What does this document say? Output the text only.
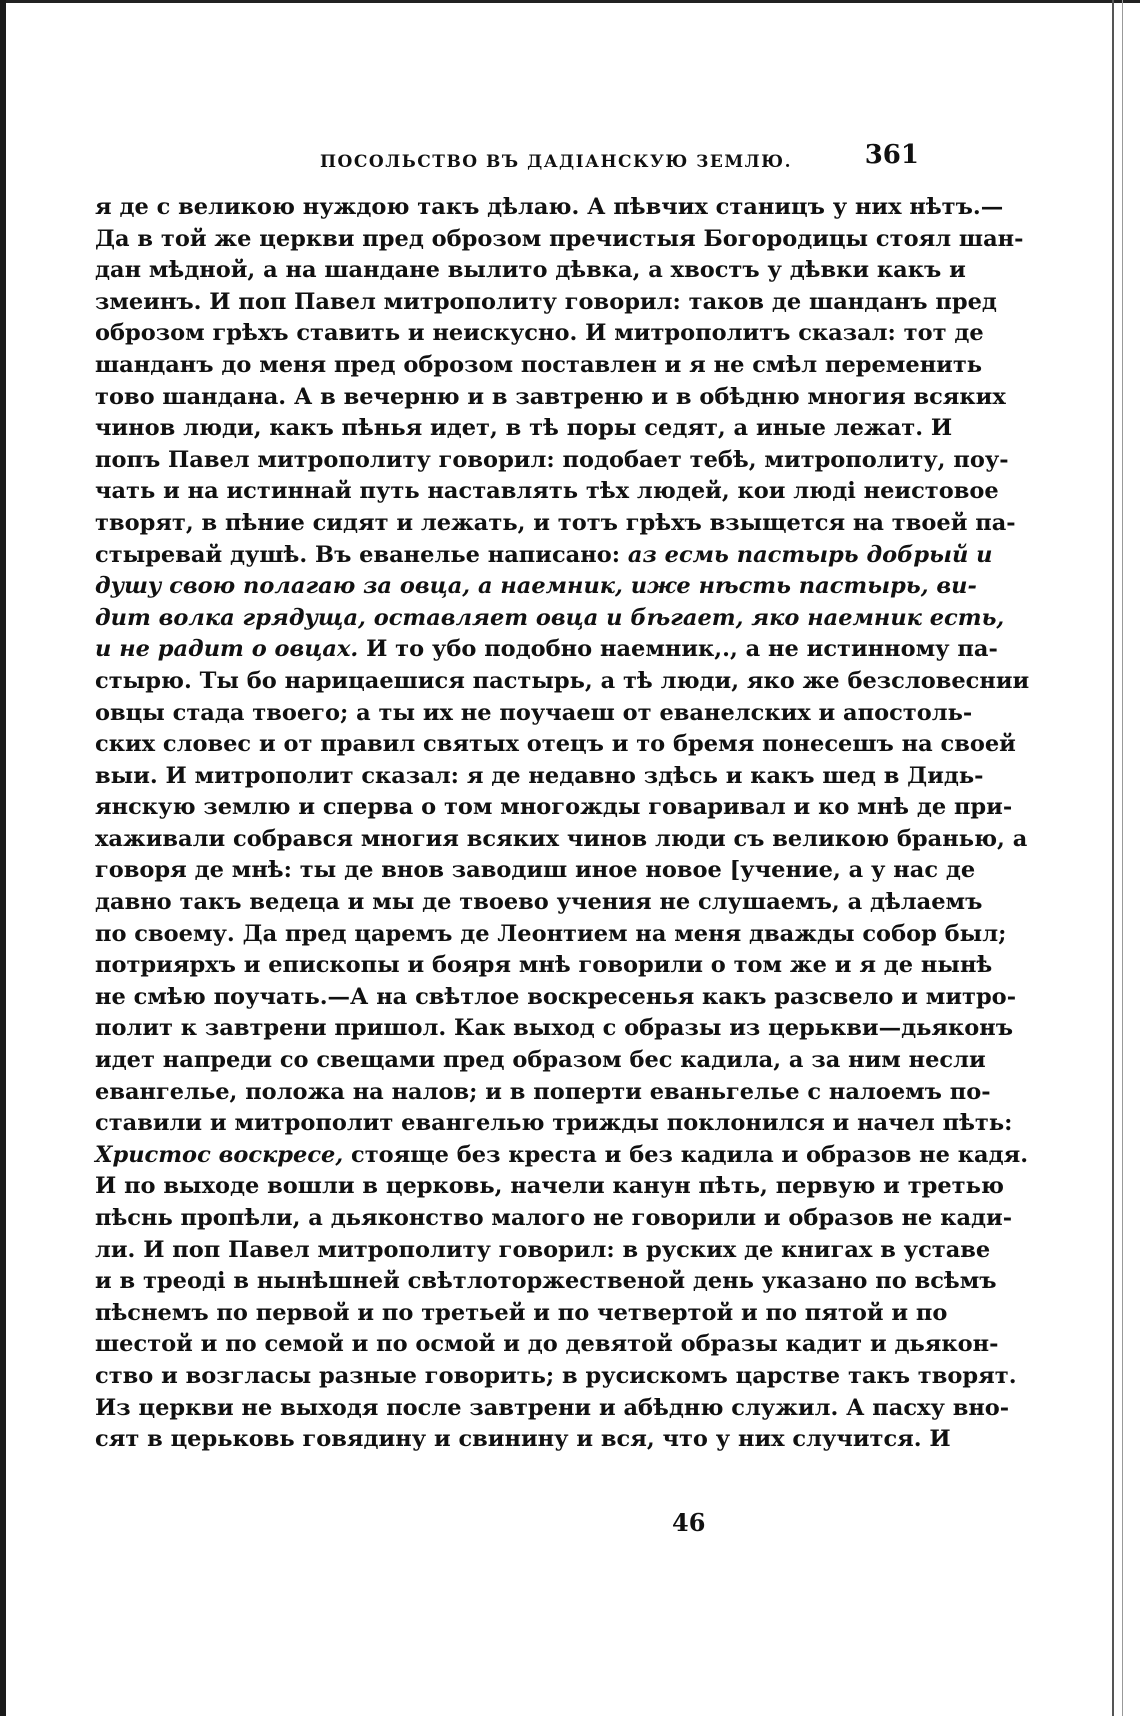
ПОСОЛЬСТВО ВЪ ДАДІАНСКУЮ ЗЕМЛЮ.	361
я де с великою нуждою такъ дѣлаю. А пѣвчих станицъ у них нѣтъ.—
Да в той же церкви пред оброзом пречистыя Богородицы стоял шан-
дан мѣдной, а на шандане вылито дѣвка, а хвостъ у дѣвки какъ и
змеинъ. И поп Павел митрополиту говорил: таков де шанданъ пред
оброзом грѣхъ ставить и неискусно. И митрополитъ сказал: тот де
шанданъ до меня пред оброзом поставлен и я не смѣл переменить
тово шандана. А в вечерню и в завтреню и в обѣдню многия всяких
чинов люди, какъ пѣнья идет, в тѣ поры седят, а иные лежат. И
попъ Павел митрополиту говорил: подобает тебѣ, митрополиту, поу-
чать и на истиннай путь наставлять тѣх людей, кои люді неистовое
творят, в пѣние сидят и лежать, и тотъ грѣхъ взыщется на твоей па-
стыревай душѣ. Въ еванелье написано: аз есмь пастырь добрый и
душу свою полагаю за овца, а наемник, иже нѣсть пастырь, ви-
дит волка грядуща, оставляет овца и бѣгает, яко наемник есть,
и не радит о овцах. И то убо подобно наемник,., а не истинному па-
стырю. Ты бо нарицаешися пастырь, а тѣ люди, яко же безсловеснии
овцы стада твоего; а ты их не поучаеш от еванелских и апостоль-
ских словес и от правил святых отецъ и то бремя понесешъ на своей
выи. И митрополит сказал: я де недавно здѣсь и какъ шед в Дидь-
янскую землю и сперва о том многожды говаривал и ко мнѣ де при-
хаживали собрався многия всяких чинов люди съ великою бранью, а
говоря де мнѣ: ты де внов заводиш иное новое [учение, а у нас де
давно такъ ведеца и мы де твоево учения не слушаемъ, а дѣлаемъ
по своему. Да пред царемъ де Леонтием на меня дважды собор был;
потриярхъ и епископы и бояря мнѣ говорили о том же и я де нынѣ
не смѣю поучать.—А на свѣтлое воскресенья какъ разсвело и митро-
полит к завтрени пришол. Как выход с образы из церькви—дьяконъ
идет напреди со свещами пред образом бес кадила, а за ним несли
евангелье, положа на налов; и в поперти еваньгелье с налоемъ по-
ставили и митрополит евангелью трижды поклонился и начел пѣть:
Христос воскресе, стояще без креста и без кадила и образов не кадя.
И по выходе вошли в церковь, начели канун пѣть, первую и третью
пѣснь пропѣли, а дьяконство малого не говорили и образов не кади-
ли. И поп Павел митрополиту говорил: в руских де книгах в уставе
и в треоді в нынѣшней свѣтлоторжественой день указано по всѣмъ
пѣснемъ по первой и по третьей и по четвертой и по пятой и по
шестой и по семой и по осмой и до девятой образы кадит и дьякон-
ство и возгласы разные говорить; в русискомъ царстве такъ творят.
Из церкви не выходя после завтрени и абѣдню служил. А пасху вно-
сят в церьковь говядину и свинину и вся, что у них случится. И
46
